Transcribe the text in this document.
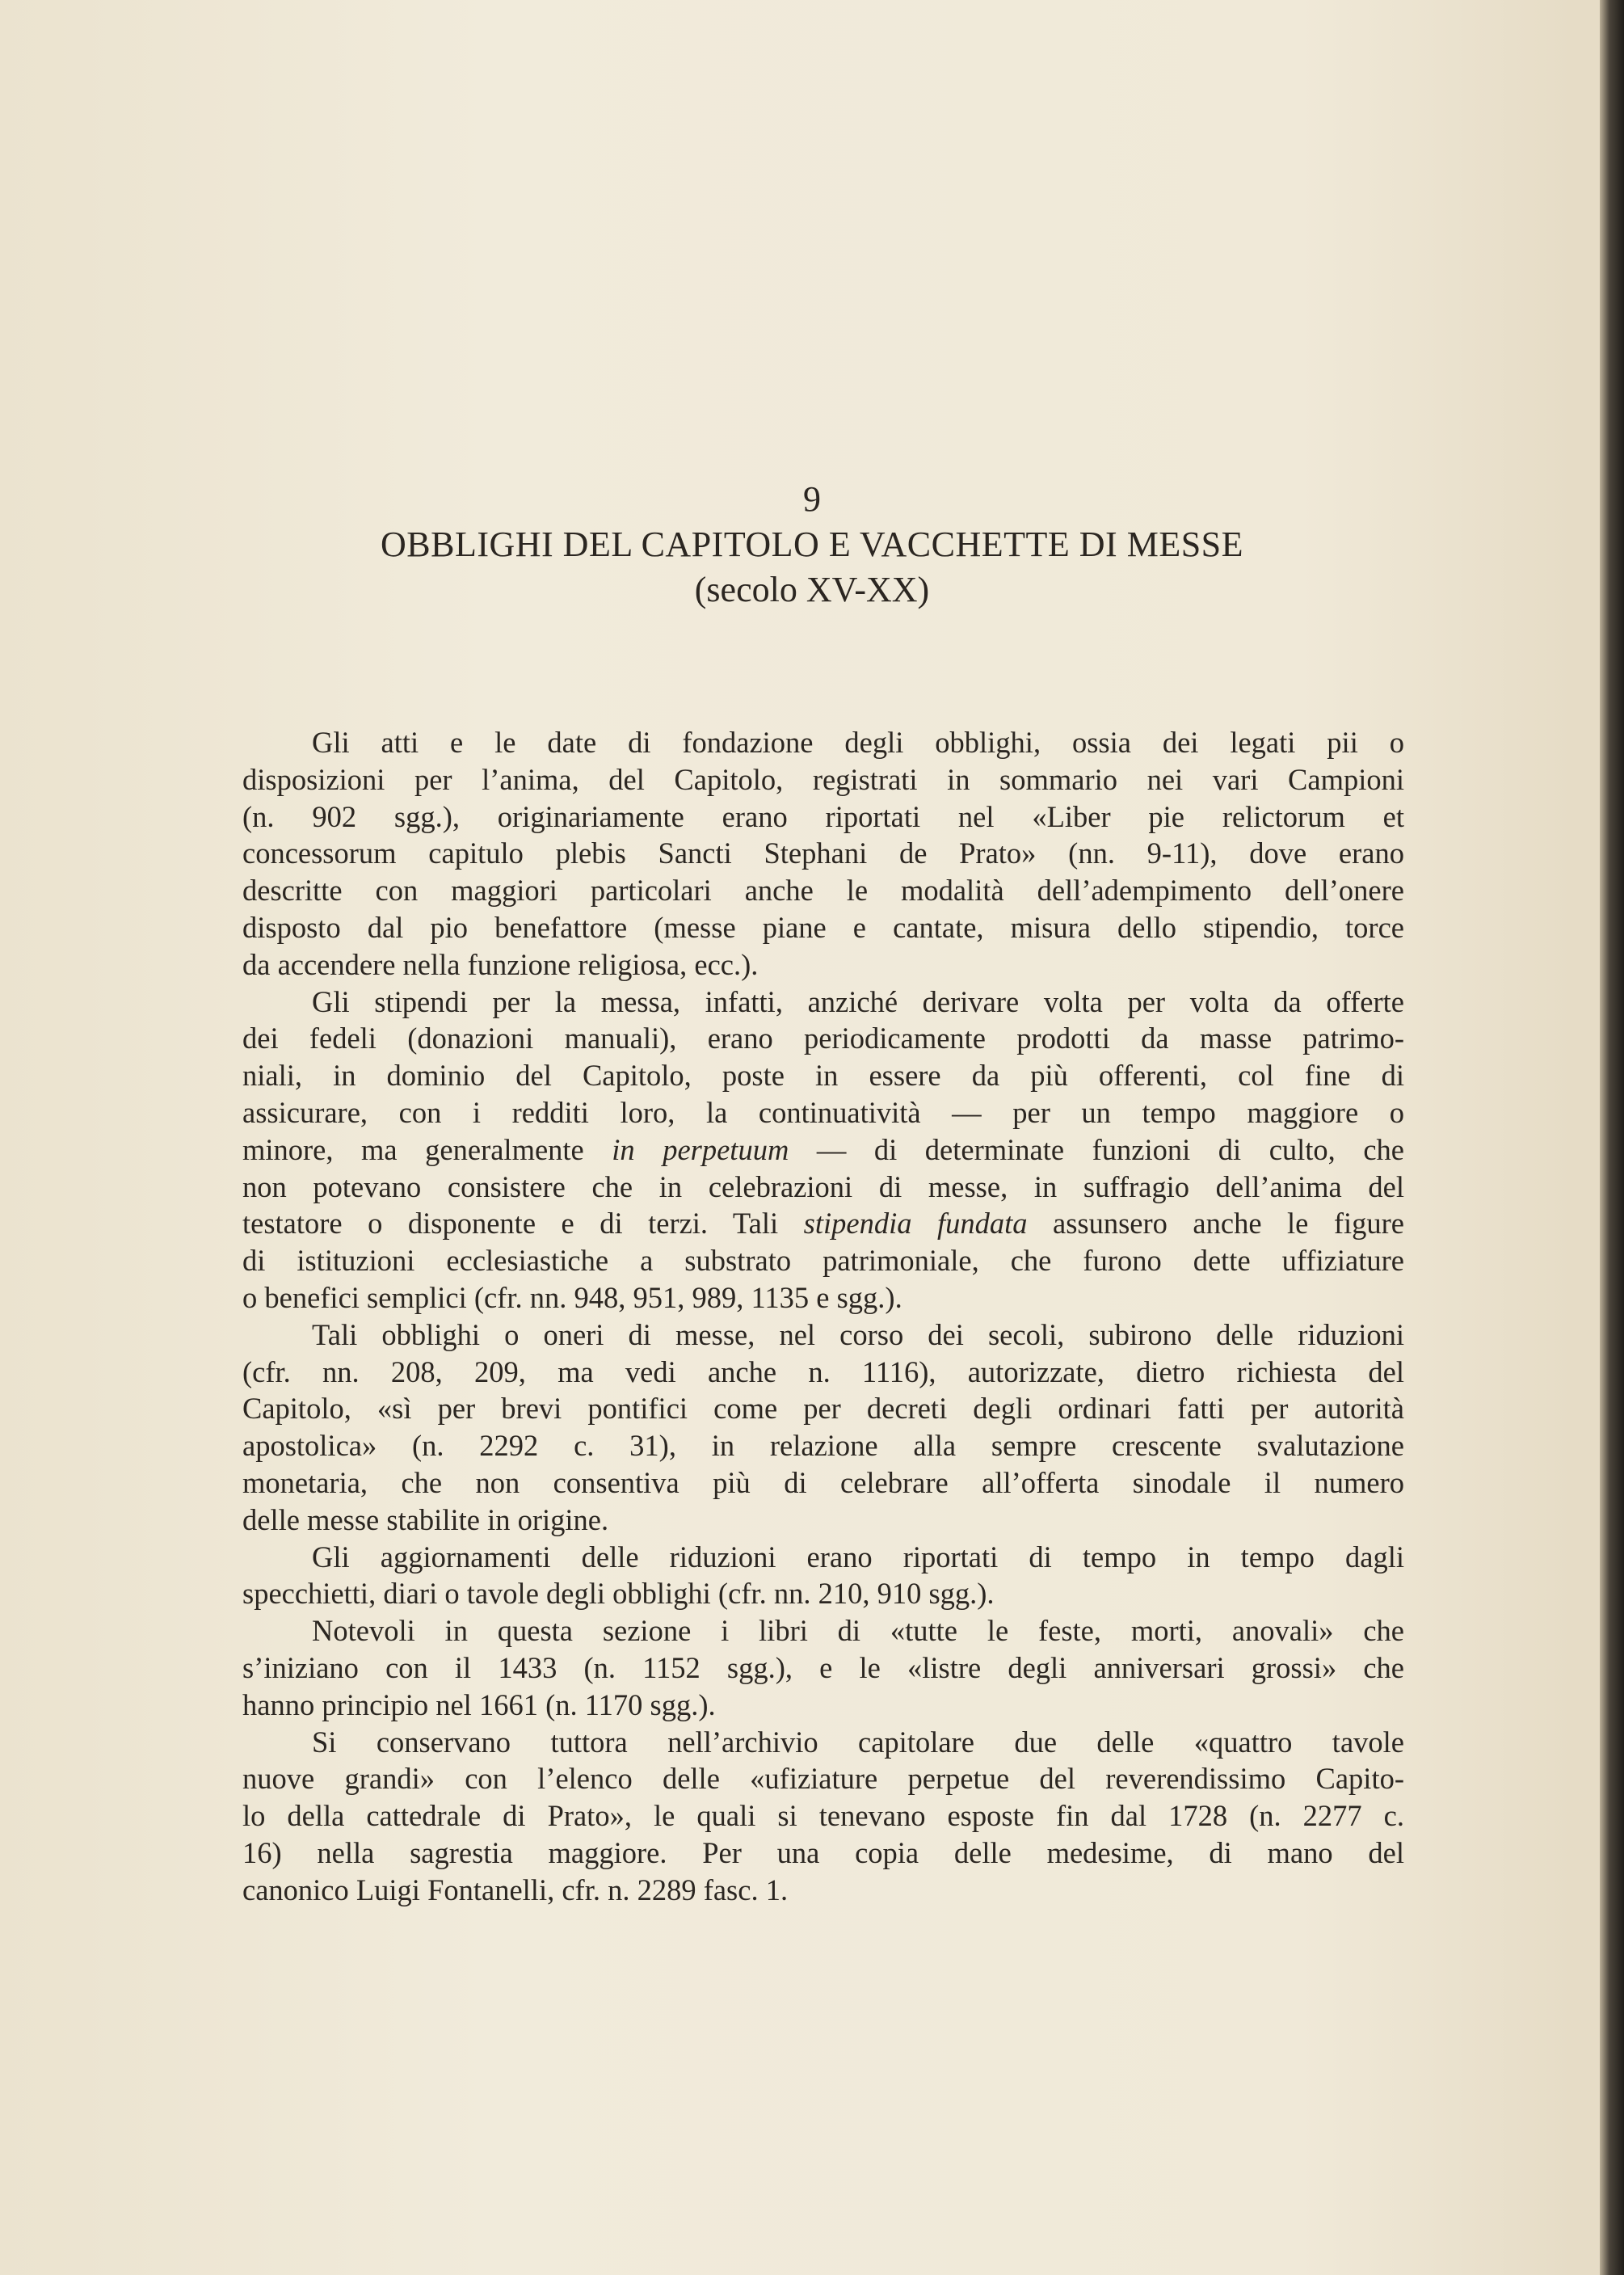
9
OBBLIGHI DEL CAPITOLO E VACCHETTE DI MESSE
(secolo XV-XX)
Gli atti e le date di fondazione degli obblighi, ossia dei legati pii o
disposizioni per l’anima, del Capitolo, registrati in sommario nei vari Campioni
(n. 902 sgg.), originariamente erano riportati nel «Liber pie relictorum et
concessorum capitulo plebis Sancti Stephani de Prato» (nn. 9-11), dove erano
descritte con maggiori particolari anche le modalità dell’adempimento dell’onere
disposto dal pio benefattore (messe piane e cantate, misura dello stipendio, torce
da accendere nella funzione religiosa, ecc.).
Gli stipendi per la messa, infatti, anziché derivare volta per volta da offerte
dei fedeli (donazioni manuali), erano periodicamente prodotti da masse patrimo-
niali, in dominio del Capitolo, poste in essere da più offerenti, col fine di
assicurare, con i redditi loro, la continuatività — per un tempo maggiore o
minore, ma generalmente in perpetuum — di determinate funzioni di culto, che
non potevano consistere che in celebrazioni di messe, in suffragio dell’anima del
testatore o disponente e di terzi. Tali stipendia fundata assunsero anche le figure
di istituzioni ecclesiastiche a substrato patrimoniale, che furono dette uffiziature
o benefici semplici (cfr. nn. 948, 951, 989, 1135 e sgg.).
Tali obblighi o oneri di messe, nel corso dei secoli, subirono delle riduzioni
(cfr. nn. 208, 209, ma vedi anche n. 1116), autorizzate, dietro richiesta del
Capitolo, «sì per brevi pontifici come per decreti degli ordinari fatti per autorità
apostolica» (n. 2292 c. 31), in relazione alla sempre crescente svalutazione
monetaria, che non consentiva più di celebrare all’offerta sinodale il numero
delle messe stabilite in origine.
Gli aggiornamenti delle riduzioni erano riportati di tempo in tempo dagli
specchietti, diari o tavole degli obblighi (cfr. nn. 210, 910 sgg.).
Notevoli in questa sezione i libri di «tutte le feste, morti, anovali» che
s’iniziano con il 1433 (n. 1152 sgg.), e le «listre degli anniversari grossi» che
hanno principio nel 1661 (n. 1170 sgg.).
Si conservano tuttora nell’archivio capitolare due delle «quattro tavole
nuove grandi» con l’elenco delle «ufiziature perpetue del reverendissimo Capito-
lo della cattedrale di Prato», le quali si tenevano esposte fin dal 1728 (n. 2277 c.
16) nella sagrestia maggiore. Per una copia delle medesime, di mano del
canonico Luigi Fontanelli, cfr. n. 2289 fasc. 1.
